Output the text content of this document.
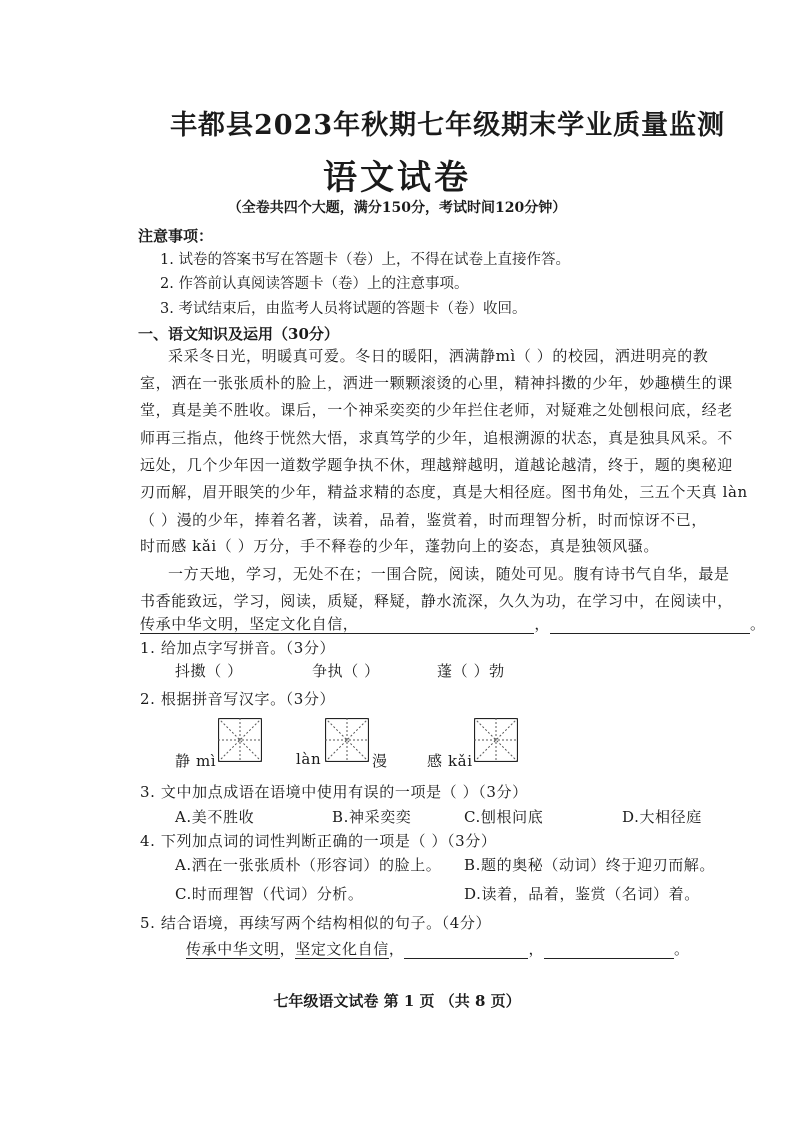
丰都县2023年秋期七年级期末学业质量监测
语文试卷
（全卷共四个大题，满分150分，考试时间120分钟）
注意事项：
1. 试卷的答案书写在答题卡（卷）上，不得在试卷上直接作答。
2. 作答前认真阅读答题卡（卷）上的注意事项。
3. 考试结束后，由监考人员将试题的答题卡（卷）收回。
一、语文知识及运用（30分）
采采冬日光，明暖真可爱。冬日的暖阳，洒满静mì（ ）的校园，洒进明亮的教
室，洒在一张张质朴的脸上，洒进一颗颗滚烫的心里，精神抖擞的少年，妙趣横生的课
堂，真是美不胜收。课后，一个神采奕奕的少年拦住老师，对疑难之处刨根问底，经老
师再三指点，他终于恍然大悟，求真笃学的少年，追根溯源的状态，真是独具风采。不
远处，几个少年因一道数学题争执不休，理越辩越明，道越论越清，终于，题的奥秘迎
刃而解，眉开眼笑的少年，精益求精的态度，真是大相径庭。图书角处，三五个天真 làn
（ ）漫的少年，捧着名著，读着，品着，鉴赏着，时而理智分析，时而惊讶不已，
时而感 kǎi（ ）万分，手不释卷的少年，蓬勃向上的姿态，真是独领风骚。
一方天地，学习，无处不在；一围合院，阅读，随处可见。腹有诗书气自华，最是
书香能致远，学习，阅读，质疑，释疑，静水流深，久久为功，在学习中，在阅读中，
传承中华文明，坚定文化自信，	，	。
1. 给加点字写拼音。（3分）
抖擞（ ）	争执（ ）	蓬（ ）勃
2. 根据拼音写汉字。（3分）
静 mì	làn	漫	感 kǎi
3. 文中加点成语在语境中使用有误的一项是（ ）（3分）
A.美不胜收	B.神采奕奕	C.刨根问底	D.大相径庭
4. 下列加点词的词性判断正确的一项是（ ）（3分）
A.洒在一张张质朴（形容词）的脸上。 B.题的奥秘（动词）终于迎刃而解。
C.时而理智（代词）分析。	D.读着，品着，鉴赏（名词）着。
5. 结合语境，再续写两个结构相似的句子。（4分）
传承中华文明，坚定文化自信，	，	。
七年级语文试卷 第 1 页 （共 8 页）
